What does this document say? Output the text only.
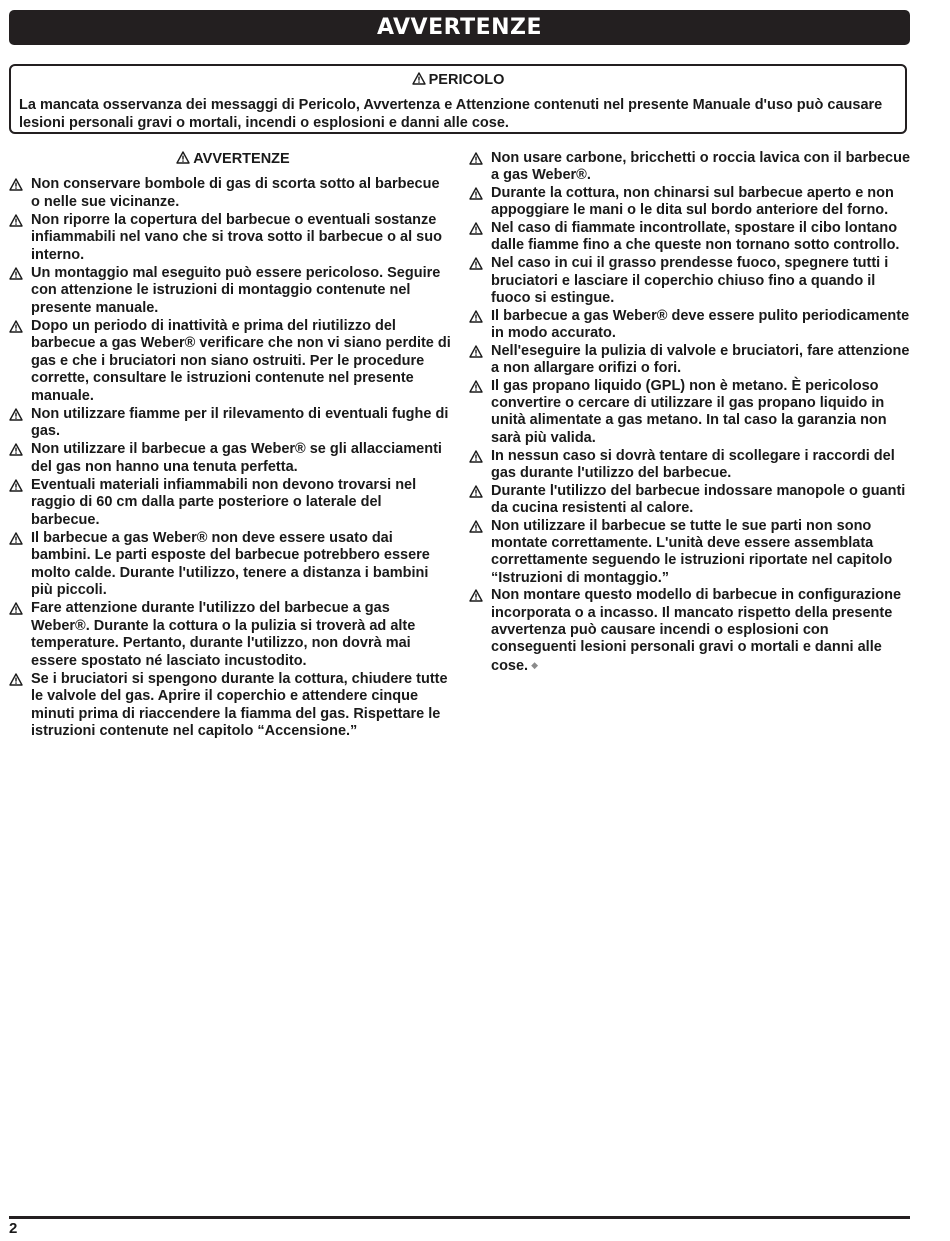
AVVERTENZE
PERICOLO
La mancata osservanza dei messaggi di Pericolo, Avvertenza e Attenzione contenuti nel presente Manuale d'uso può causare lesioni personali gravi o mortali, incendi o esplosioni e danni alle cose.
AVVERTENZE
Non conservare bombole di gas di scorta sotto al barbecue o nelle sue vicinanze.
Non riporre la copertura del barbecue o eventuali sostanze infiammabili nel vano che si trova sotto il barbecue o al suo interno.
Un montaggio mal eseguito può essere pericoloso. Seguire con attenzione le istruzioni di montaggio contenute nel presente manuale.
Dopo un periodo di inattività e prima del riutilizzo del barbecue a gas Weber® verificare che non vi siano perdite di gas e che i bruciatori non siano ostruiti. Per le procedure corrette, consultare le istruzioni contenute nel presente manuale.
Non utilizzare fiamme per il rilevamento di eventuali fughe di gas.
Non utilizzare il barbecue a gas Weber® se gli allacciamenti del gas non hanno una tenuta perfetta.
Eventuali materiali infiammabili non devono trovarsi nel raggio di 60 cm dalla parte posteriore o laterale del barbecue.
Il barbecue a gas Weber® non deve essere usato dai bambini. Le parti esposte del barbecue potrebbero essere molto calde. Durante l'utilizzo, tenere a distanza i bambini più piccoli.
Fare attenzione durante l'utilizzo del barbecue a gas Weber®. Durante la cottura o la pulizia si troverà ad alte temperature. Pertanto, durante l'utilizzo, non dovrà mai essere spostato né lasciato incustodito.
Se i bruciatori si spengono durante la cottura, chiudere tutte le valvole del gas. Aprire il coperchio e attendere cinque minuti prima di riaccendere la fiamma del gas. Rispettare le istruzioni contenute nel capitolo “Accensione.”
Non usare carbone, bricchetti o roccia lavica con il barbecue a gas Weber®.
Durante la cottura, non chinarsi sul barbecue aperto e non appoggiare le mani o le dita sul bordo anteriore del forno.
Nel caso di fiammate incontrollate, spostare il cibo lontano dalle fiamme fino a che queste non tornano sotto controllo.
Nel caso in cui il grasso prendesse fuoco, spegnere tutti i bruciatori e lasciare il coperchio chiuso fino a quando il fuoco si estingue.
Il barbecue a gas Weber® deve essere pulito periodicamente in modo accurato.
Nell'eseguire la pulizia di valvole e bruciatori, fare attenzione a non allargare orifizi o fori.
Il gas propano liquido (GPL) non è metano. È pericoloso convertire o cercare di utilizzare il gas propano liquido in unità alimentate a gas metano. In tal caso la garanzia non sarà più valida.
In nessun caso si dovrà tentare di scollegare i raccordi del gas durante l'utilizzo del barbecue.
Durante l'utilizzo del barbecue indossare manopole o guanti da cucina resistenti al calore.
Non utilizzare il barbecue se tutte le sue parti non sono montate correttamente. L'unità deve essere assemblata correttamente seguendo le istruzioni riportate nel capitolo “Istruzioni di montaggio.”
Non montare questo modello di barbecue in configurazione incorporata o a incasso. Il mancato rispetto della presente avvertenza può causare incendi o esplosioni con conseguenti lesioni personali gravi o mortali e danni alle cose. ◆
2
